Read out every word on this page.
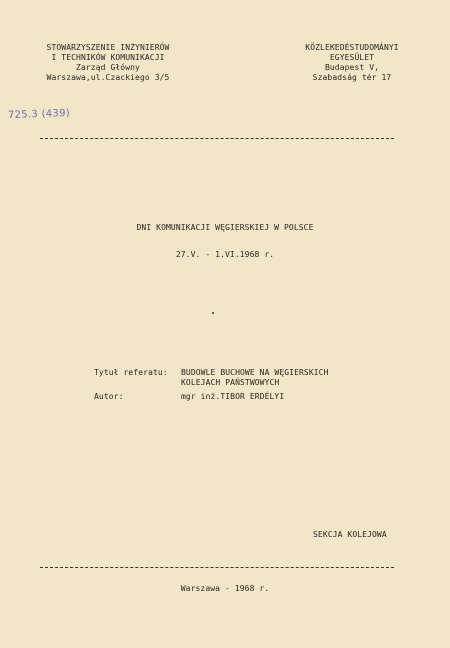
STOWARZYSZENIE INŻYNIERÓW
I TECHNIKÓW KOMUNIKACJI
Zarząd Główny
Warszawa,ul.Czackiego 3/5
KÖZLEKEDÉSTUDOMÁNYI
EGYESÜLET
Budapest V,
Szabadság tér 17
725.3 (439)
DNI KOMUNIKACJI WĘGIERSKIEJ W POLSCE
27.V. - 1.VI.1968 r.
Tytuł referatu: BUDOWLE BUCHOWE NA WĘGIERSKICH
KOLEJACH PAŃSTWOWYCH
Autor:	mgr inż.TIBOR ERDÉLYI
SEKCJA KOLEJOWA
Warszawa - 1968 r.
